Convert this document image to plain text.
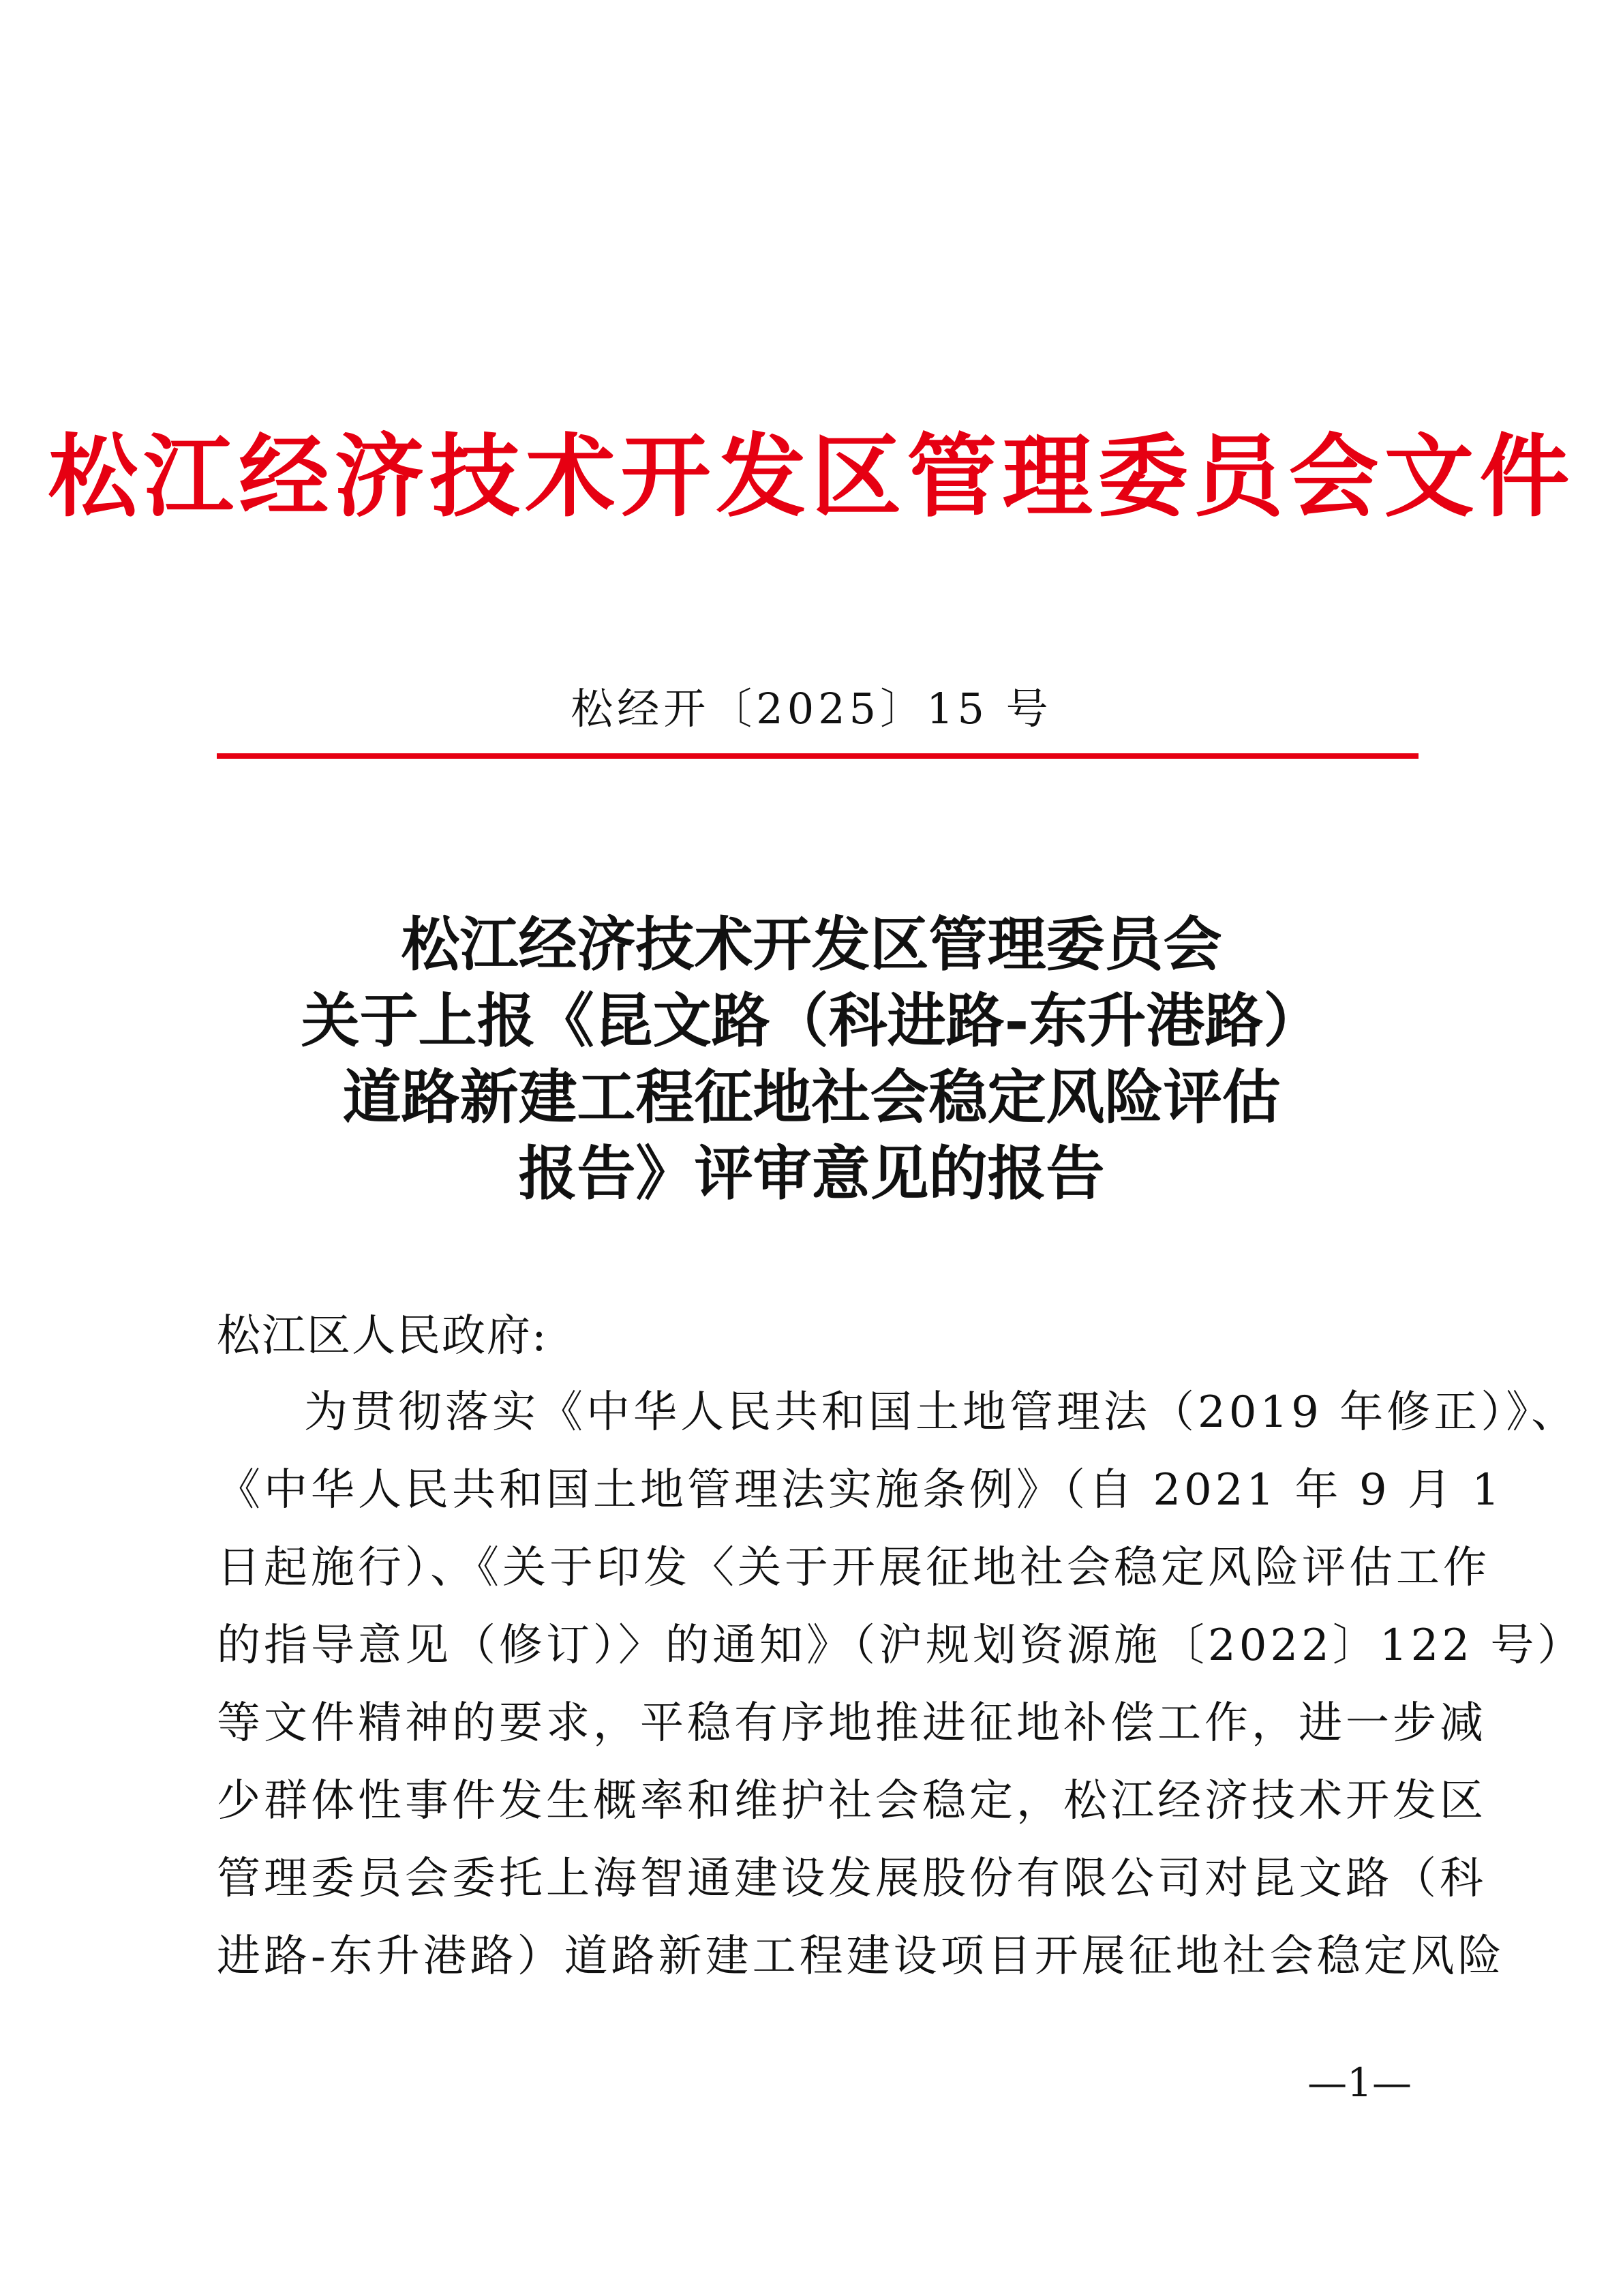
松江经济技术开发区管理委员会文件
松经开〔2025〕15 号
松江经济技术开发区管理委员会
关于上报《昆文路（科进路-东升港路）
道路新建工程征地社会稳定风险评估
报告》评审意见的报告
松江区人民政府:
为贯彻落实《中华人民共和国土地管理法（2019 年修正）》、
《中华人民共和国土地管理法实施条例》（自 2021 年 9 月 1
日起施行）、《关于印发〈关于开展征地社会稳定风险评估工作
的指导意见（修订）〉的通知》（沪规划资源施〔2022〕122 号）
等文件精神的要求，平稳有序地推进征地补偿工作，进一步减
少群体性事件发生概率和维护社会稳定，松江经济技术开发区
管理委员会委托上海智通建设发展股份有限公司对昆文路（科
进路-东升港路）道路新建工程建设项目开展征地社会稳定风险
—1—
